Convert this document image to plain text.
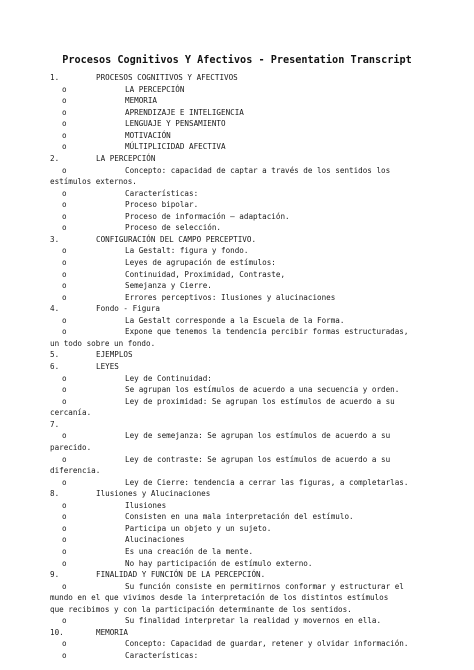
Procesos Cognitivos Y Afectivos - Presentation Transcript
1.	PROCESOS COGNITIVOS Y AFECTIVOS
o	LA PERCEPCIÓN
o	MEMORIA
o	APRENDIZAJE E INTELIGENCIA
o	LENGUAJE Y PENSAMIENTO
o	MOTIVACIÓN
o	MÚLTIPLICIDAD AFECTIVA
2.	LA PERCEPCIÓN
o	Concepto: capacidad de captar a través de los sentidos los
estímulos externos.
o	Características:
o	Proceso bipolar.
o	Proceso de información – adaptación.
o	Proceso de selección.
3.	CONFIGURACIÓN DEL CAMPO PERCEPTIVO.
o	La Gestalt: figura y fondo.
o	Leyes de agrupación de estímulos:
o	Continuidad, Proximidad, Contraste,
o	Semejanza y Cierre.
o	Errores perceptivos: Ilusiones y alucinaciones
4.	Fondo - Figura
o	La Gestalt corresponde a la Escuela de la Forma.
o	Expone que tenemos la tendencia percibir formas estructuradas,
un todo sobre un fondo.
5.	EJEMPLOS
6.	LEYES
o	Ley de Continuidad:
o	Se agrupan los estímulos de acuerdo a una secuencia y orden.
o	Ley de proximidad: Se agrupan los estímulos de acuerdo a su
cercanía.
7.
o	Ley de semejanza: Se agrupan los estímulos de acuerdo a su
parecido.
o	Ley de contraste: Se agrupan los estímulos de acuerdo a su
diferencia.
o	Ley de Cierre: tendencia a cerrar las figuras, a completarlas.
8.	Ilusiones y Alucinaciones
o	Ilusiones
o	Consisten en una mala interpretación del estímulo.
o	Participa un objeto y un sujeto.
o	Alucinaciones
o	Es una creación de la mente.
o	No hay participación de estímulo externo.
9.	FINALIDAD Y FUNCIÓN DE LA PERCEPCIÓN.
o	Su función consiste en permitirnos conformar y estructurar el
mundo en el que vivimos desde la interpretación de los distintos estímulos
que recibimos y con la participación determinante de los sentidos.
o	Su finalidad interpretar la realidad y movernos en ella.
10.	MEMORIA
o	Concepto: Capacidad de guardar, retener y olvidar información.
o	Características:
